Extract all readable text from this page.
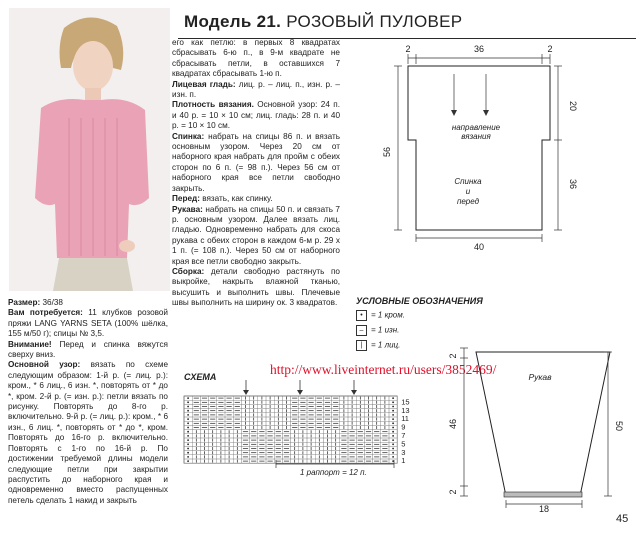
Модель 21. РОЗОВЫЙ ПУЛОВЕР

Размер: 36/38

Вам потребуется: 11 клубков розовой пряжи LANG YARNS SETA (100% шёлка, 155 м/50 г); спицы № 3,5.

Внимание! Перед и спинка вяжутся сверху вниз.

Основной узор: вязать по схеме следующим образом: 1-й р. (= лиц. р.): кром., * 6 лиц., 6 изн. *, повторять от * до *, кром. 2-й р. (= изн. р.): петли вязать по рисунку. Повторять до 8-го р. включительно. 9-й р. (= лиц. р.): кром., * 6 изн., 6 лиц. *, повторять от * до *, кром. Повторять до 16-го р. включительно. Повторять с 1-го по 16-й р. По достижении требуемой длины модели следующие петли при закрытии распустить до наборного края и одновременно вместо распущенных петель сделать 1 накид и закрыть

его как петлю: в первых 8 квадратах сбрасывать 6-ю п., в 9-м квадрате не сбрасывать петли, в оставшихся 7 квадратах сбрасывать 1-ю п.

Лицевая гладь: лиц. р. – лиц. п., изн. р. – изн. п.

Плотность вязания. Основной узор: 24 п. и 40 р. = 10 × 10 см; лиц. гладь: 28 п. и 40 р. = 10 × 10 см.

Спинка: набрать на спицы 86 п. и вязать основным узором. Через 20 см от наборного края набрать для пройм с обеих сторон по 6 п. (= 98 п.). Через 56 см от наборного края все петли свободно закрыть.

Перед: вязать, как спинку.

Рукава: набрать на спицы 50 п. и связать 7 р. основным узором. Далее вязать лиц. гладью. Одновременно набрать для скоса рукава с обеих сторон в каждом 6-м р. 29 x 1 п. (= 108 п.). Через 50 см от наборного края все петли свободно закрыть.

Сборка: детали свободно растянуть по выкройке, накрыть влажной тканью, высушить и выполнить швы. Плечевые швы выполнить на ширину ок. 3 квадратов.

2	36	2
20
36
56
40
направление
вязания
Спинка
и
перед
УСЛОВНЫЕ ОБОЗНАЧЕНИЯ
• = 1 кром.
– = 1 изн.
| = 1 лиц.
http://www.liveinternet.ru/users/3852469/
СХЕМА
15
13
11
9
7
5
3
1
1 раппорт = 12 п.
2
46
2
50
18
Рукав
45
